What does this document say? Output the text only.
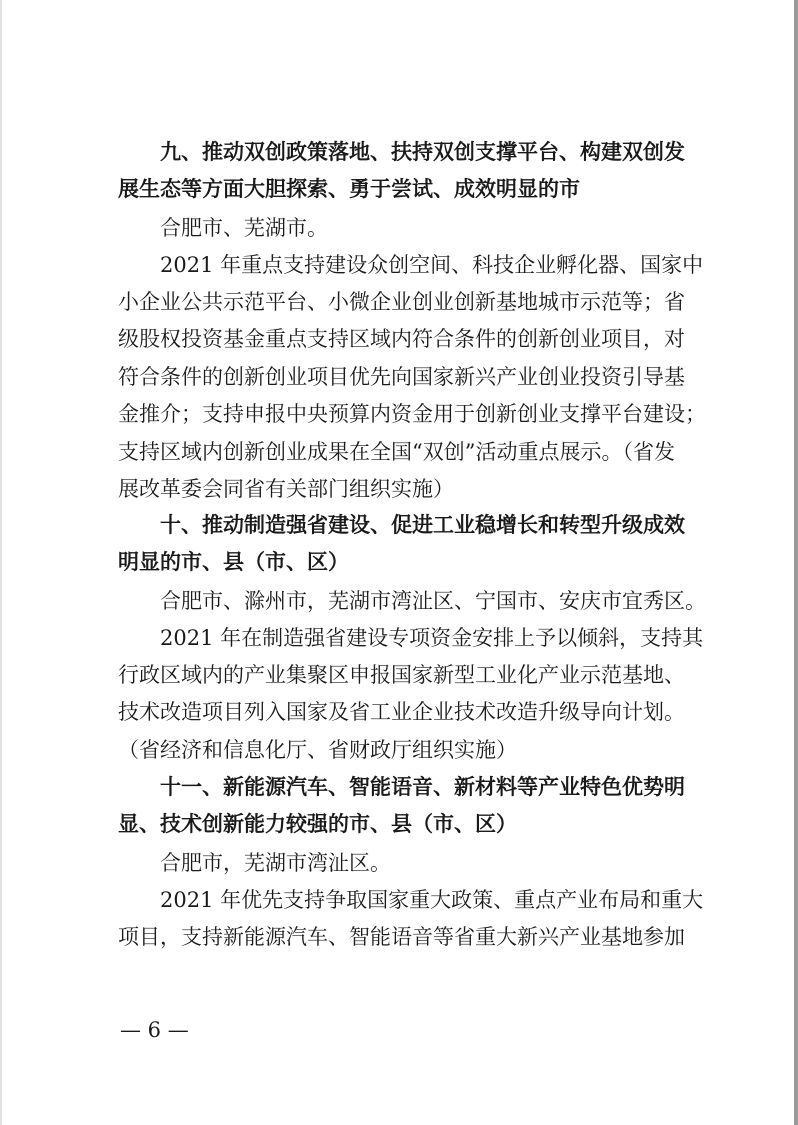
　　九、推动双创政策落地、扶持双创支撑平台、构建双创发
展生态等方面大胆探索、勇于尝试、成效明显的市
　　合肥市、芜湖市。
　　2021 年重点支持建设众创空间、科技企业孵化器、国家中
小企业公共示范平台、小微企业创业创新基地城市示范等；省
级股权投资基金重点支持区域内符合条件的创新创业项目，对
符合条件的创新创业项目优先向国家新兴产业创业投资引导基
金推介；支持申报中央预算内资金用于创新创业支撑平台建设；
支持区域内创新创业成果在全国“双创”活动重点展示。（省发
展改革委会同省有关部门组织实施）
　　十、推动制造强省建设、促进工业稳增长和转型升级成效
明显的市、县（市、区）
　　合肥市、滁州市，芜湖市湾沚区、宁国市、安庆市宜秀区。
　　2021 年在制造强省建设专项资金安排上予以倾斜，支持其
行政区域内的产业集聚区申报国家新型工业化产业示范基地、
技术改造项目列入国家及省工业企业技术改造升级导向计划。
（省经济和信息化厅、省财政厅组织实施）
　　十一、新能源汽车、智能语音、新材料等产业特色优势明
显、技术创新能力较强的市、县（市、区）
　　合肥市，芜湖市湾沚区。
　　2021 年优先支持争取国家重大政策、重点产业布局和重大
项目，支持新能源汽车、智能语音等省重大新兴产业基地参加
— 6 —
